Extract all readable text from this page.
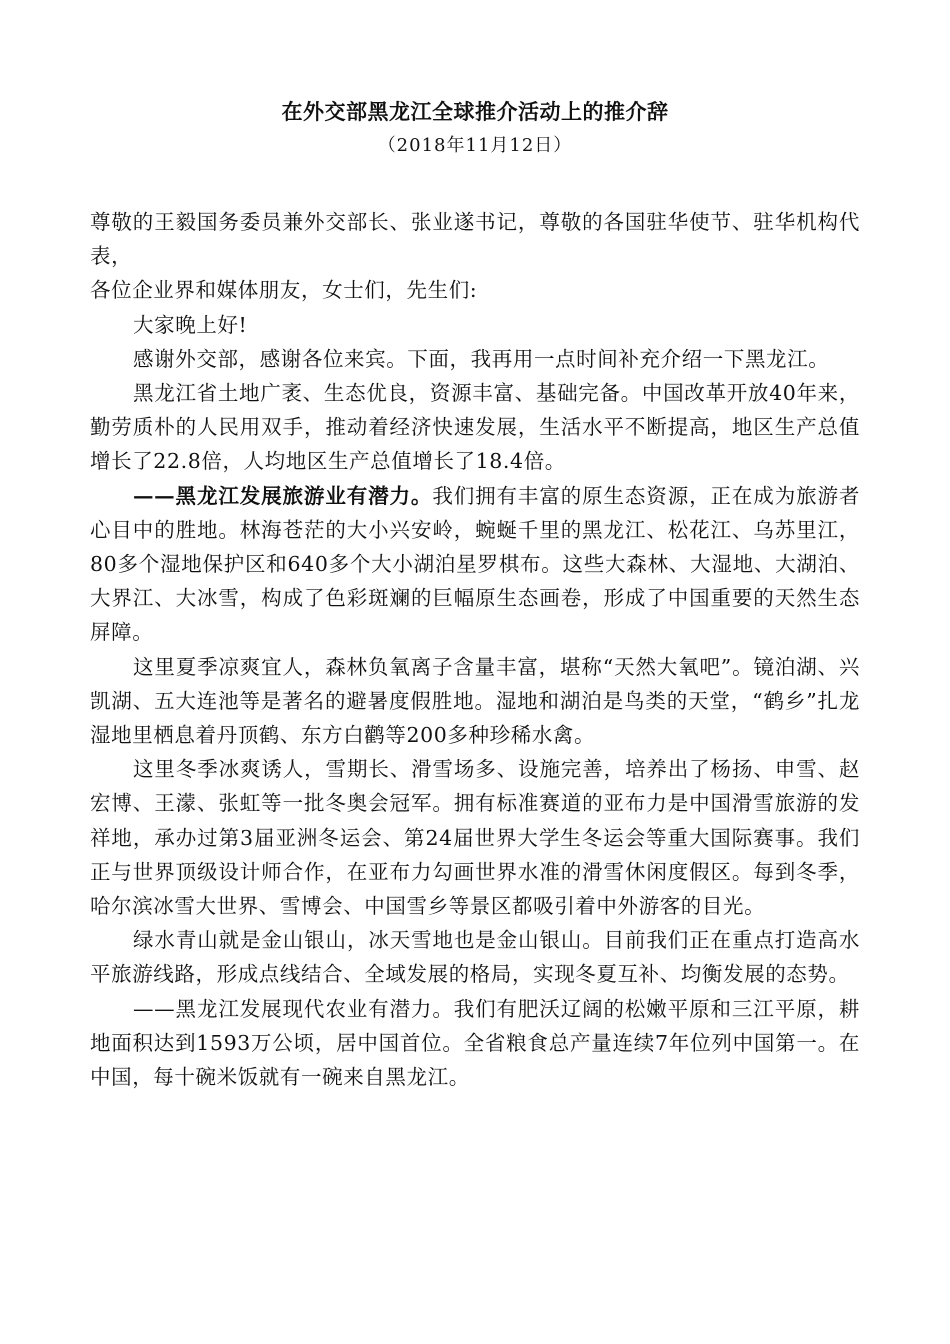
在外交部黑龙江全球推介活动上的推介辞
（2018年11月12日）

尊敬的王毅国务委员兼外交部长、张业遂书记，尊敬的各国驻华使节、驻华机构代表，

各位企业界和媒体朋友，女士们，先生们:

大家晚上好!

感谢外交部，感谢各位来宾。下面，我再用一点时间补充介绍一下黑龙江。

黑龙江省土地广袤、生态优良，资源丰富、基础完备。中国改革开放40年来，勤劳质朴的人民用双手，推动着经济快速发展，生活水平不断提高，地区生产总值增长了22.8倍，人均地区生产总值增长了18.4倍。

——黑龙江发展旅游业有潜力。我们拥有丰富的原生态资源，正在成为旅游者心目中的胜地。林海苍茫的大小兴安岭，蜿蜒千里的黑龙江、松花江、乌苏里江，80多个湿地保护区和640多个大小湖泊星罗棋布。这些大森林、大湿地、大湖泊、大界江、大冰雪，构成了色彩斑斓的巨幅原生态画卷，形成了中国重要的天然生态屏障。

这里夏季凉爽宜人，森林负氧离子含量丰富，堪称“天然大氧吧”。镜泊湖、兴凯湖、五大连池等是著名的避暑度假胜地。湿地和湖泊是鸟类的天堂，“鹤乡”扎龙湿地里栖息着丹顶鹤、东方白鹳等200多种珍稀水禽。

这里冬季冰爽诱人，雪期长、滑雪场多、设施完善，培养出了杨扬、申雪、赵宏博、王濛、张虹等一批冬奥会冠军。拥有标准赛道的亚布力是中国滑雪旅游的发祥地，承办过第3届亚洲冬运会、第24届世界大学生冬运会等重大国际赛事。我们正与世界顶级设计师合作，在亚布力勾画世界水准的滑雪休闲度假区。每到冬季，哈尔滨冰雪大世界、雪博会、中国雪乡等景区都吸引着中外游客的目光。

绿水青山就是金山银山，冰天雪地也是金山银山。目前我们正在重点打造高水平旅游线路，形成点线结合、全域发展的格局，实现冬夏互补、均衡发展的态势。

——黑龙江发展现代农业有潜力。我们有肥沃辽阔的松嫩平原和三江平原，耕地面积达到1593万公顷，居中国首位。全省粮食总产量连续7年位列中国第一。在中国，每十碗米饭就有一碗来自黑龙江。
